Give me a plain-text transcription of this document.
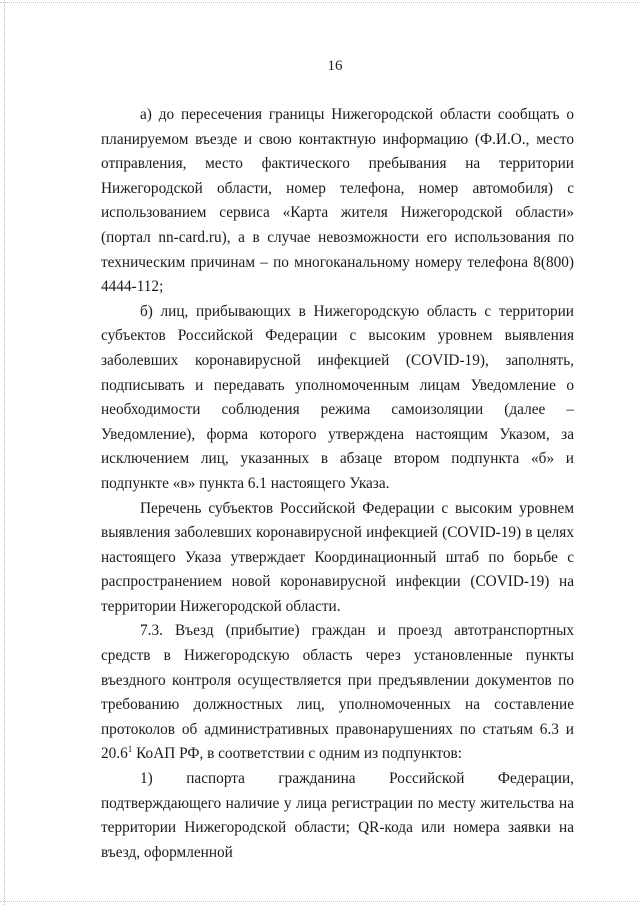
16

а) до пересечения границы Нижегородской области сообщать о планируемом въезде и свою контактную информацию (Ф.И.О., место отправления, место фактического пребывания на территории Нижегородской области, номер телефона, номер автомобиля) с использованием сервиса «Карта жителя Нижегородской области» (портал nn-card.ru), а в случае невозможности его использования по техническим причинам – по многоканальному номеру телефона 8(800) 4444-112;

б) лиц, прибывающих в Нижегородскую область с территории субъектов Российской Федерации с высоким уровнем выявления заболевших коронавирусной инфекцией (COVID-19), заполнять, подписывать и передавать уполномоченным лицам Уведомление о необходимости соблюдения режима самоизоляции (далее – Уведомление), форма которого утверждена настоящим Указом, за исключением лиц, указанных в абзаце втором подпункта «б» и подпункте «в» пункта 6.1 настоящего Указа.

Перечень субъектов Российской Федерации с высоким уровнем выявления заболевших коронавирусной инфекцией (COVID-19) в целях настоящего Указа утверждает Координационный штаб по борьбе с распространением новой коронавирусной инфекции (COVID-19) на территории Нижегородской области.

7.3. Въезд (прибытие) граждан и проезд автотранспортных средств в Нижегородскую область через установленные пункты въездного контроля осуществляется при предъявлении документов по требованию должностных лиц, уполномоченных на составление протоколов об административных правонарушениях по статьям 6.3 и 20.6$^1$ КоАП РФ, в соответствии с одним из подпунктов:

1) паспорта гражданина Российской Федерации, подтверждающего наличие у лица регистрации по месту жительства на территории Нижегородской области; QR-кода или номера заявки на въезд, оформленной
